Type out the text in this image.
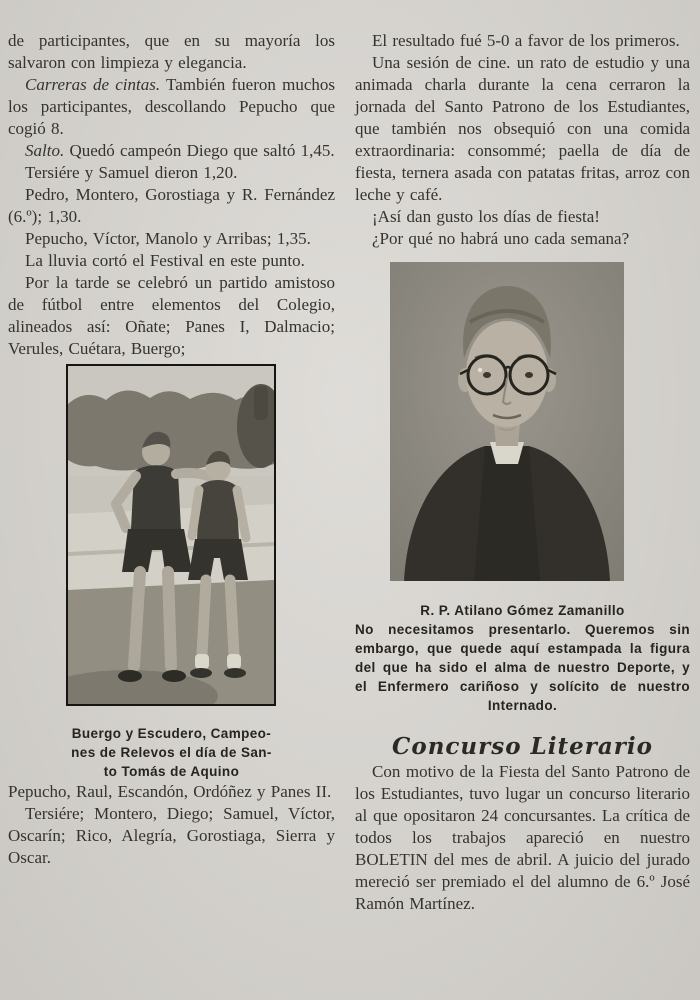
de participantes, que en su mayoría los salvaron con limpieza y elegancia.

Carreras de cintas. También fueron muchos los participantes, descollando Pepucho que cogió 8.

Salto. Quedó campeón Diego que saltó 1,45.

Tersiére y Samuel dieron 1,20.

Pedro, Montero, Gorostiaga y R. Fernández (6.º); 1,30.

Pepucho, Víctor, Manolo y Arribas; 1,35.

La lluvia cortó el Festival en este punto.

Por la tarde se celebró un partido amistoso de fútbol entre elementos del Colegio, alineados así: Oñate; Panes I, Dalmacio; Verules, Cuétara, Buergo;

Buergo y Escudero, Campeo-
nes de Relevos el día de San-
to Tomás de Aquino

Pepucho, Raul, Escandón, Ordóñez y Panes II.

Tersiére; Montero, Diego; Samuel, Víctor, Oscarín; Rico, Alegría, Gorostiaga, Sierra y Oscar.

El resultado fué 5-0 a favor de los primeros.

Una sesión de cine. un rato de estudio y una animada charla durante la cena cerraron la jornada del Santo Patrono de los Estudiantes, que también nos obsequió con una comida extraordinaria: consommé; paella de día de fiesta, ternera asada con patatas fritas, arroz con leche y café.

¡Así dan gusto los días de fiesta!

¿Por qué no habrá uno cada semana?

R. P. Atilano Gómez Zamanillo
No necesitamos presentarlo. Queremos sin embargo, que quede aquí estampada la figura del que ha sido el alma de nuestro Deporte, y el Enfermero cariñoso y solícito de nuestro Internado.
Concurso Literario

Con motivo de la Fiesta del Santo Patrono de los Estudiantes, tuvo lugar un concurso literario al que opositaron 24 concursantes. La crítica de todos los trabajos apareció en nuestro BOLETIN del mes de abril. A juicio del jurado mereció ser premiado el del alumno de 6.º José Ramón Martínez.
